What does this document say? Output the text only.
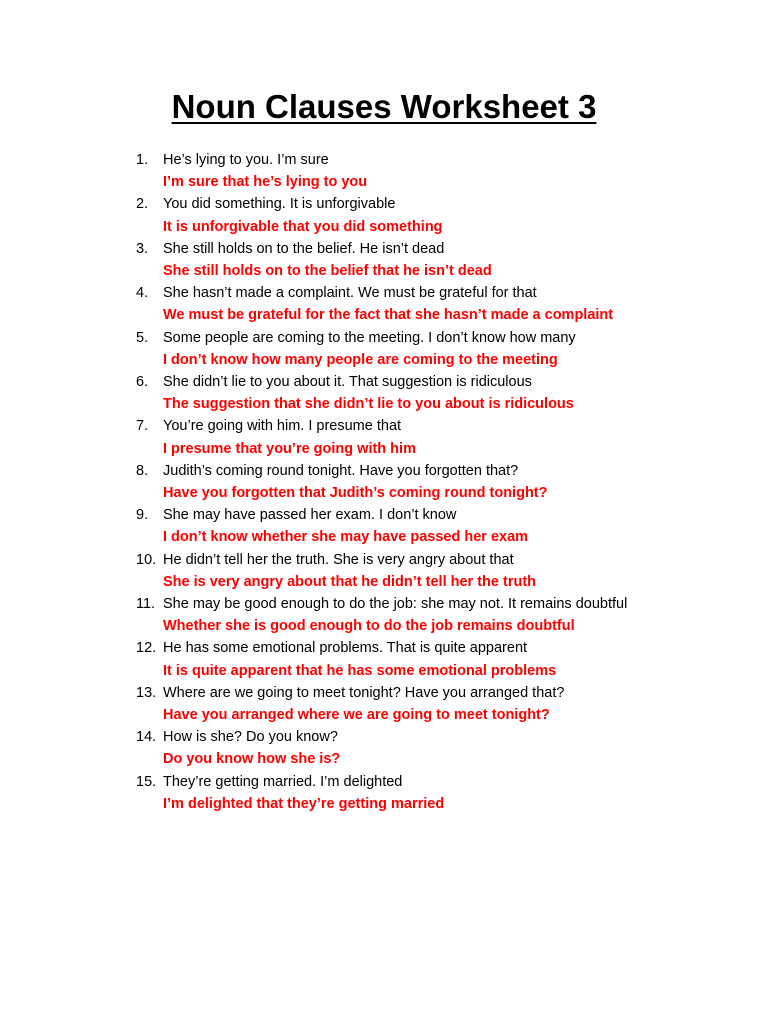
Noun Clauses Worksheet 3
1.	He’s lying to you. I’m sure
I’m sure that he’s lying to you
2.	You did something. It is unforgivable
It is unforgivable that you did something
3.	She still holds on to the belief. He isn’t dead
She still holds on to the belief that he isn’t dead
4.	She hasn’t made a complaint. We must be grateful for that
We must be grateful for the fact that she hasn’t made a complaint
5.	Some people are coming to the meeting. I don’t know how many
I don’t know how many people are coming to the meeting
6.	She didn’t lie to you about it. That suggestion is ridiculous
The suggestion that she didn’t lie to you about is ridiculous
7.	You’re going with him. I presume that
I presume that you’re going with him
8.	Judith’s coming round tonight. Have you forgotten that?
Have you forgotten that Judith’s coming round tonight?
9.	She may have passed her exam. I don’t know
I don’t know whether she may have passed her exam
10. He didn’t tell her the truth. She is very angry about that
She is very angry about that he didn’t tell her the truth
11. She may be good enough to do the job: she may not. It remains doubtful
Whether she is good enough to do the job remains doubtful
12. He has some emotional problems. That is quite apparent
It is quite apparent that he has some emotional problems
13. Where are we going to meet tonight? Have you arranged that?
Have you arranged where we are going to meet tonight?
14. How is she? Do you know?
Do you know how she is?
15. They’re getting married. I’m delighted
I’m delighted that they’re getting married
